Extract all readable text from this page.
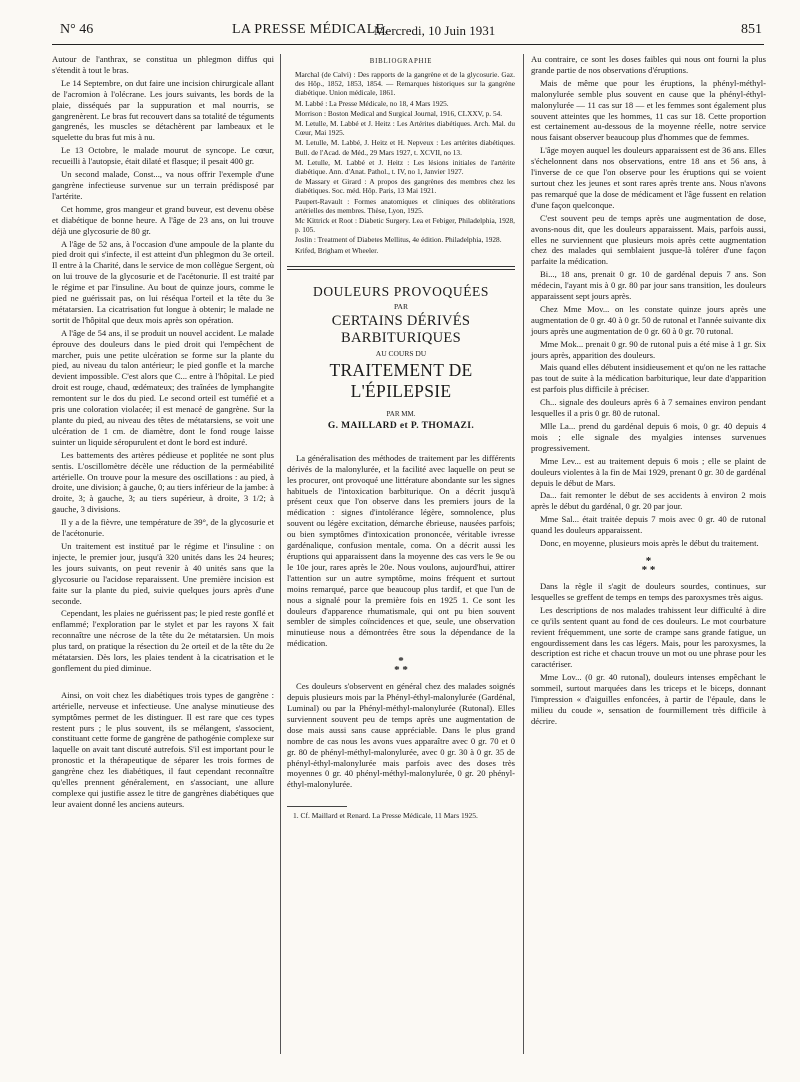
N° 46	LA PRESSE MÉDICALE,
Mercredi, 10 Juin 1931	851

Autour de l'anthrax, se constitua un phlegmon diffus qui s'étendit à tout le bras.

Le 14 Septembre, on dut faire une incision chirurgicale allant de l'acromion à l'olécrane. Les jours suivants, les bords de la plaie, disséqués par la suppuration et mal nourris, se gangrenèrent. Le bras fut recouvert dans sa totalité de téguments gangrenés, les muscles se détachèrent par lambeaux et le squelette du bras fut mis à nu.

Le 13 Octobre, le malade mourut de syncope. Le cœur, recueilli à l'autopsie, était dilaté et flasque; il pesait 400 gr.

Un second malade, Const..., va nous offrir l'exemple d'une gangrène infectieuse survenue sur un terrain prédisposé par l'artérite.

Cet homme, gros mangeur et grand buveur, est devenu obèse et diabétique de bonne heure. A l'âge de 23 ans, on lui trouve déjà une glycosurie de 80 gr.

A l'âge de 52 ans, à l'occasion d'une ampoule de la plante du pied droit qui s'infecte, il est atteint d'un phlegmon du 3e orteil. Il entre à la Charité, dans le service de mon collègue Sergent, où on lui trouve de la glycosurie et de l'acétonurie. Il est traité par le régime et par l'insuline. Au bout de quinze jours, comme le pied ne guérissait pas, on lui réséqua l'orteil et la tête du 3e métatarsien. La cicatrisation fut longue à obtenir; le malade ne sortit de l'hôpital que deux mois après son opération.

A l'âge de 54 ans, il se produit un nouvel accident. Le malade éprouve des douleurs dans le pied droit qui l'empêchent de marcher, puis une petite ulcération se forme sur la plante du pied, au niveau du talon antérieur; le pied gonfle et la marche devient impossible. C'est alors que C... entre à l'hôpital. Le pied droit est rouge, chaud, œdémateux; des traînées de lymphangite remontent sur le dos du pied. Le second orteil est tuméfié et a pris une coloration violacée; il est menacé de gangrène. Sur la plante du pied, au niveau des têtes de métatarsiens, se voit une ulcération de 1 cm. de diamètre, dont le fond rouge laisse suinter un liquide séropurulent et dont le bord est induré.

Les battements des artères pédieuse et poplitée ne sont plus sentis. L'oscillomètre décèle une réduction de la perméabilité artérielle. On trouve pour la mesure des oscillations : au pied, à droite, une division; à gauche, 0; au tiers inférieur de la jambe: à droite, 3; à gauche, 3; au tiers supérieur, à droite, 3 1/2; à gauche, 3 divisions.

Il y a de la fièvre, une température de 39°, de la glycosurie et de l'acétonurie.

Un traitement est institué par le régime et l'insuline : on injecte, le premier jour, jusqu'à 320 unités dans les 24 heures; les jours suivants, on peut revenir à 40 unités sans que la glycosurie ou l'acidose reparaissent. Une première incision est faite sur la plante du pied, suivie quelques jours après d'une seconde.

Cependant, les plaies ne guérissent pas; le pied reste gonflé et enflammé; l'exploration par le stylet et par les rayons X fait reconnaître une nécrose de la tête du 2e métatarsien. Un mois plus tard, on pratique la résection du 2e orteil et de la tête du 2e métatarsien. Dès lors, les plaies tendent à la cicatrisation et le gonflement du pied diminue.

Ainsi, on voit chez les diabétiques trois types de gangrène : artérielle, nerveuse et infectieuse. Une analyse minutieuse des symptômes permet de les distinguer. Il est rare que ces types restent purs ; le plus souvent, ils se mélangent, s'associent, constituant cette forme de gangrène de pathogénie complexe sur laquelle on avait tant discuté autrefois. S'il est important pour le pronostic et la thérapeutique de séparer les trois formes de gangrène chez les diabétiques, il faut cependant reconnaître qu'elles prennent généralement, en s'associant, une allure complexe qui justifie assez le titre de gangrènes diabétiques que leur avaient donné les anciens auteurs.

BIBLIOGRAPHIE

Marchal (de Calvi) : Des rapports de la gangrène et de la glycosurie. Gaz. des Hôp., 1852, 1853, 1854. — Remarques historiques sur la gangrène diabétique. Union médicale, 1861.

M. Labbé : La Presse Médicale, no 18, 4 Mars 1925.

Morrison : Boston Medical and Surgical Journal, 1916, CLXXV, p. 54.

M. Letulle, M. Labbé et J. Heitz : Les Artérites diabétiques. Arch. Mal. du Cœur, Mai 1925.

M. Letulle, M. Labbé, J. Heitz et H. Nepveux : Les artérites diabétiques. Bull. de l'Acad. de Méd., 29 Mars 1927, t. XCVII, no 13.

M. Letulle, M. Labbé et J. Heitz : Les lésions initiales de l'artérite diabétique. Ann. d'Anat. Pathol., t. IV, no 1, Janvier 1927.

de Massary et Girard : A propos des gangrènes des membres chez les diabétiques. Soc. méd. Hôp. Paris, 13 Mai 1921.

Paupert-Ravault : Formes anatomiques et cliniques des oblitérations artérielles des membres. Thèse, Lyon, 1925.

Mc Kittrick et Root : Diabetic Surgery. Lea et Febiger, Philadelphia, 1928, p. 105.

Joslin : Treatment of Diabetes Mellitus, 4e édition. Philadelphia, 1928.

Krifed, Brigham et Wheeler.

DOULEURS PROVOQUÉES
PAR
CERTAINS DÉRIVÉS BARBITURIQUES
AU COURS DU
TRAITEMENT DE L'ÉPILEPSIE
PAR MM.
G. MAILLARD et P. THOMAZI.

La généralisation des méthodes de traitement par les différents dérivés de la malonylurée, et la facilité avec laquelle on peut se les procurer, ont provoqué une littérature abondante sur les signes habituels de l'intoxication barbiturique. On a décrit jusqu'à présent ceux que l'on observe dans les premiers jours de la médication : signes d'intolérance légère, somnolence, plus souvent ou légère excitation, démarche ébrieuse, nausées parfois; ou bien symptômes d'intoxication prononcée, véritable ivresse gardénalique, confusion mentale, coma. On a décrit aussi les éruptions qui apparaissent dans la moyenne des cas vers le 9e ou le 10e jour, rares après le 20e. Nous voulons, aujourd'hui, attirer l'attention sur un autre symptôme, moins fréquent et surtout moins remarqué, parce que beaucoup plus tardif, et que l'un de nous a signalé pour la première fois en 1925 1. Ce sont les douleurs d'apparence rhumatismale, qui ont pu bien souvent sembler de simples coïncidences et que, seule, une observation minutieuse nous a démontrées être sous la dépendance de la médication.

*
* *

Ces douleurs s'observent en général chez des malades soignés depuis plusieurs mois par la Phényl-éthyl-malonylurée (Gardénal, Luminal) ou par la Phényl-méthyl-malonylurée (Rutonal). Elles surviennent souvent peu de temps après une augmentation de dose mais aussi sans cause appréciable. Dans le plus grand nombre de cas nous les avons vues apparaître avec 0 gr. 70 et 0 gr. 80 de phényl-méthyl-malonylurée, avec 0 gr. 30 à 0 gr. 35 de phényl-éthyl-malonylurée mais parfois avec des doses très moyennes 0 gr. 40 phényl-méthyl-malonylurée, 0 gr. 20 phényl-éthyl-malonylurée.

1. Cf. Maillard et Renard. La Presse Médicale, 11 Mars 1925.

Au contraire, ce sont les doses faibles qui nous ont fourni la plus grande partie de nos observations d'éruptions.

Mais de même que pour les éruptions, la phényl-méthyl-malonylurée semble plus souvent en cause que la phényl-éthyl-malonylurée — 11 cas sur 18 — et les femmes sont également plus souvent atteintes que les hommes, 11 cas sur 18. Cette proportion est certainement au-dessous de la moyenne réelle, notre service nous faisant observer beaucoup plus d'hommes que de femmes.

L'âge moyen auquel les douleurs apparaissent est de 36 ans. Elles s'échelonnent dans nos observations, entre 18 ans et 56 ans, à l'inverse de ce que l'on observe pour les éruptions qui se voient surtout chez les jeunes et sont rares après trente ans. Nous n'avons pas remarqué que la dose de médicament et l'âge fussent en relation d'une façon quelconque.

C'est souvent peu de temps après une augmentation de dose, avons-nous dit, que les douleurs apparaissent. Mais, parfois aussi, elles ne surviennent que plusieurs mois après cette augmentation chez des malades qui semblaient jusque-là tolérer d'une façon parfaite la médication.

Bi..., 18 ans, prenait 0 gr. 10 de gardénal depuis 7 ans. Son médecin, l'ayant mis à 0 gr. 80 par jour sans transition, les douleurs apparaissent sept jours après.

Chez Mme Mov... on les constate quinze jours après une augmentation de 0 gr. 40 à 0 gr. 50 de rutonal et l'année suivante dix jours après une augmentation de 0 gr. 60 à 0 gr. 70 rutonal.

Mme Mok... prenait 0 gr. 90 de rutonal puis a été mise à 1 gr. Six jours après, apparition des douleurs.

Mais quand elles débutent insidieusement et qu'on ne les rattache pas tout de suite à la médication barbiturique, leur date d'apparition est parfois plus difficile à préciser.

Ch... signale des douleurs après 6 à 7 semaines environ pendant lesquelles il a pris 0 gr. 80 de rutonal.

Mlle La... prend du gardénal depuis 6 mois, 0 gr. 40 depuis 4 mois ; elle signale des myalgies intenses survenues progressivement.

Mme Lev... est au traitement depuis 6 mois ; elle se plaint de douleurs violentes à la fin de Mai 1929, prenant 0 gr. 30 de gardénal depuis le début de Mars.

Da... fait remonter le début de ses accidents à environ 2 mois après le début du gardénal, 0 gr. 20 par jour.

Mme Sal... était traitée depuis 7 mois avec 0 gr. 40 de rutonal quand les douleurs apparaissent.

Donc, en moyenne, plusieurs mois après le début du traitement.

*
* *

Dans la règle il s'agit de douleurs sourdes, continues, sur lesquelles se greffent de temps en temps des paroxysmes très aigus.

Les descriptions de nos malades trahissent leur difficulté à dire ce qu'ils sentent quant au fond de ces douleurs. Le mot courbature revient fréquemment, une sorte de crampe sans grande fatigue, un engourdissement dans les cas légers. Mais, pour les paroxysmes, la description est riche et chacun trouve un mot ou une phrase pour les caractériser.

Mme Lov... (0 gr. 40 rutonal), douleurs intenses empêchant le sommeil, surtout marquées dans les triceps et le biceps, donnant l'impression « d'aiguilles enfoncées, à partir de l'épaule, dans le milieu du coude », sensation de fourmillement très difficile à décrire.
